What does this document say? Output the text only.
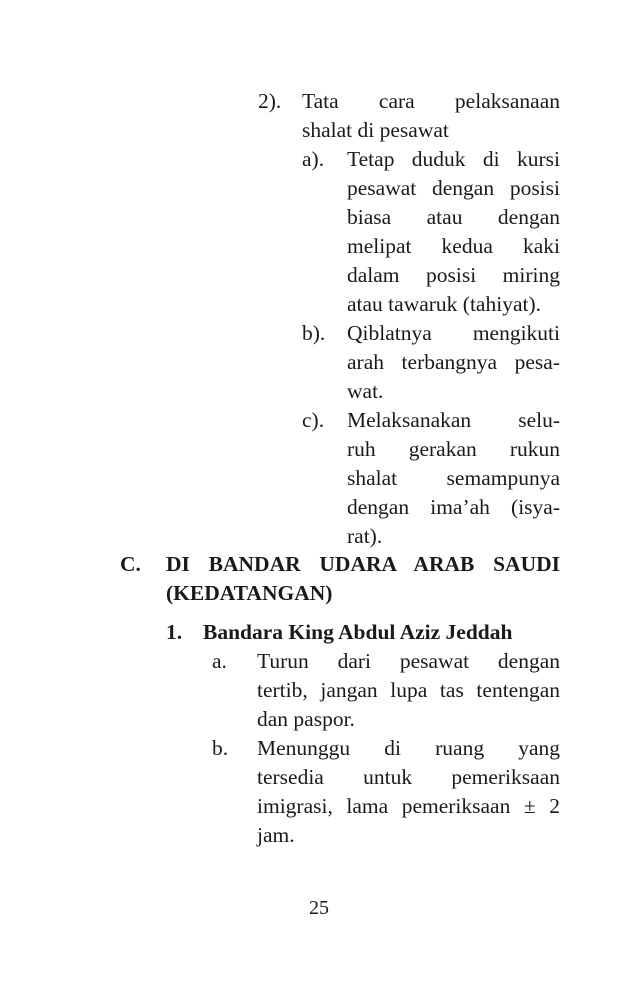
2). Tata cara pelaksanaan
shalat di pesawat
a). Tetap duduk di kursi
pesawat dengan posisi
biasa atau dengan
melipat kedua kaki
dalam posisi miring
atau tawaruk (tahiyat).
b). Qiblatnya mengikuti
arah terbangnya pesa-
wat.
c). Melaksanakan selu-
ruh gerakan rukun
shalat semampunya
dengan ima’ah (isya-
rat).
C. DI BANDAR UDARA ARAB SAUDI
(KEDATANGAN)
1. Bandara King Abdul Aziz Jeddah
a. Turun dari pesawat dengan
tertib, jangan lupa tas tentengan
dan paspor.
b. Menunggu di ruang yang
tersedia untuk pemeriksaan
imigrasi, lama pemeriksaan ± 2
jam.
25
